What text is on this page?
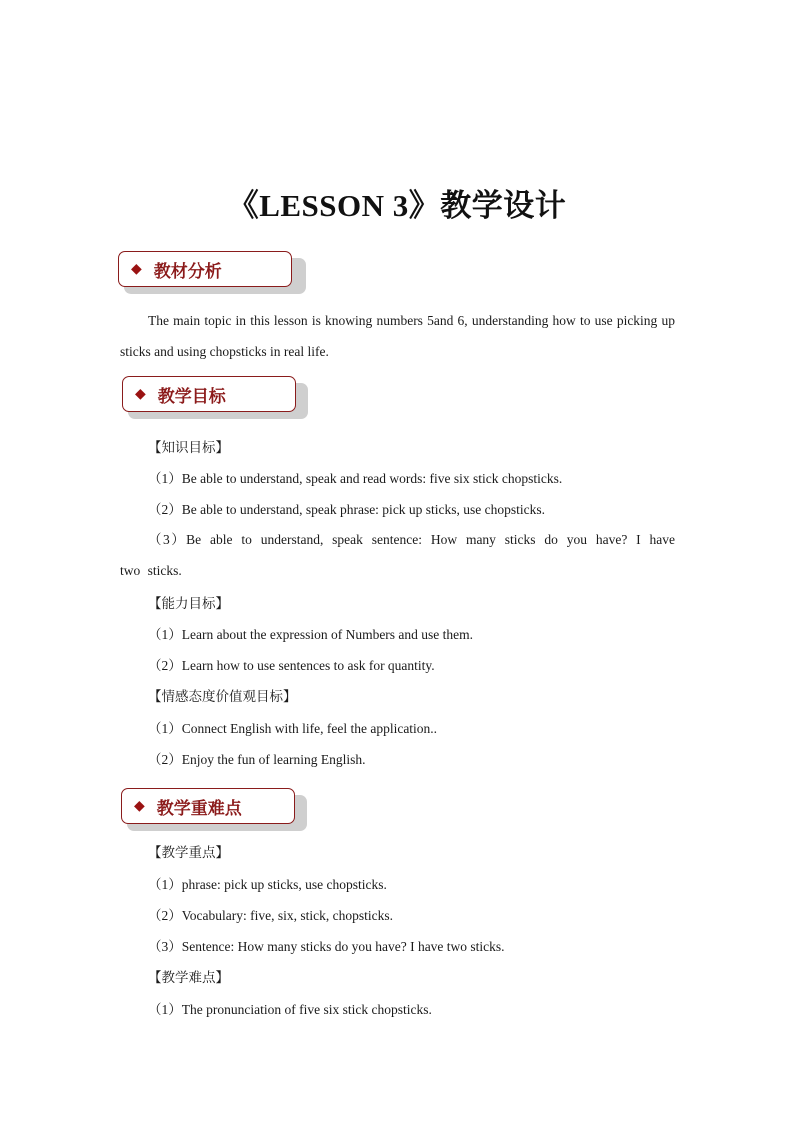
《LESSON 3》教学设计
◆ 教材分析
The main topic in this lesson is knowing numbers 5and 6, understanding how to use picking up sticks and using chopsticks in real life.
◆ 教学目标
【知识目标】
（1）Be able to understand, speak and read words: five six stick chopsticks.
（2）Be able to understand, speak phrase: pick up sticks, use chopsticks.
（3）Be able to understand, speak sentence: How many sticks do you have? I have two sticks.
【能力目标】
（1）Learn about the expression of Numbers and use them.
（2）Learn how to use sentences to ask for quantity.
【情感态度价值观目标】
（1）Connect English with life, feel the application..
（2）Enjoy the fun of learning English.
◆ 教学重难点
【教学重点】
（1）phrase: pick up sticks, use chopsticks.
（2）Vocabulary: five, six, stick, chopsticks.
（3）Sentence: How many sticks do you have? I have two sticks.
【教学难点】
（1）The pronunciation of five six stick chopsticks.
